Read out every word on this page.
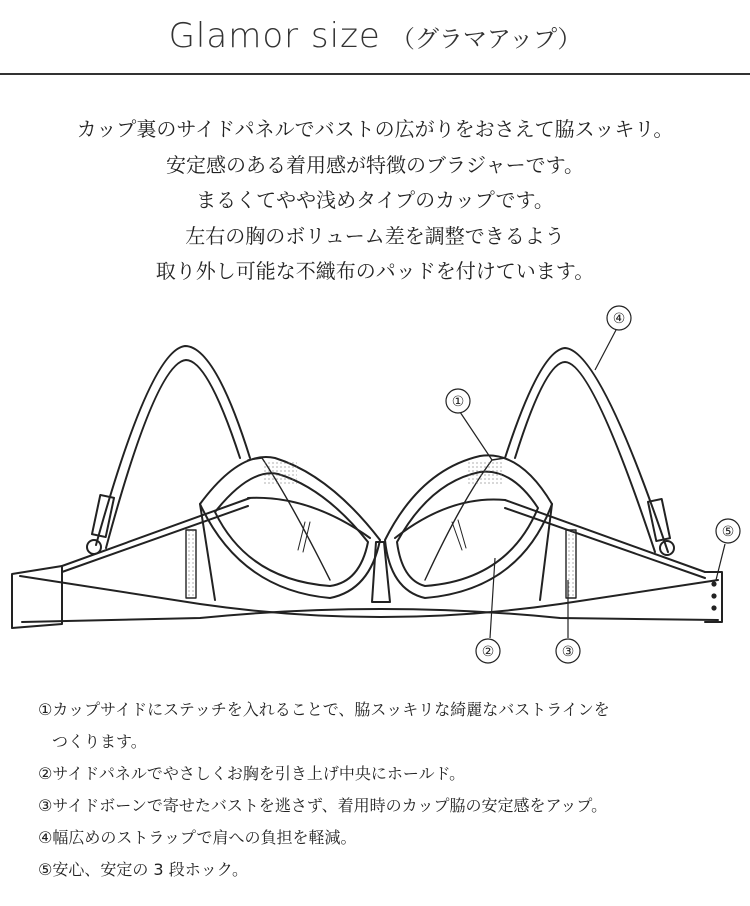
Glamor size （グラマアップ）
カップ裏のサイドパネルでバストの広がりをおさえて脇スッキリ。
安定感のある着用感が特徴のブラジャーです。
まるくてやや浅めタイプのカップです。
左右の胸のボリューム差を調整できるよう
取り外し可能な不織布のパッドを付けています。
①
②	③
④
⑤
①カップサイドにステッチを入れることで、脇スッキリな綺麗なバストラインを
つくります。
②サイドパネルでやさしくお胸を引き上げ中央にホールド。
③サイドボーンで寄せたバストを逃さず、着用時のカップ脇の安定感をアップ。
④幅広めのストラップで肩への負担を軽減。
⑤安心、安定の 3 段ホック。
